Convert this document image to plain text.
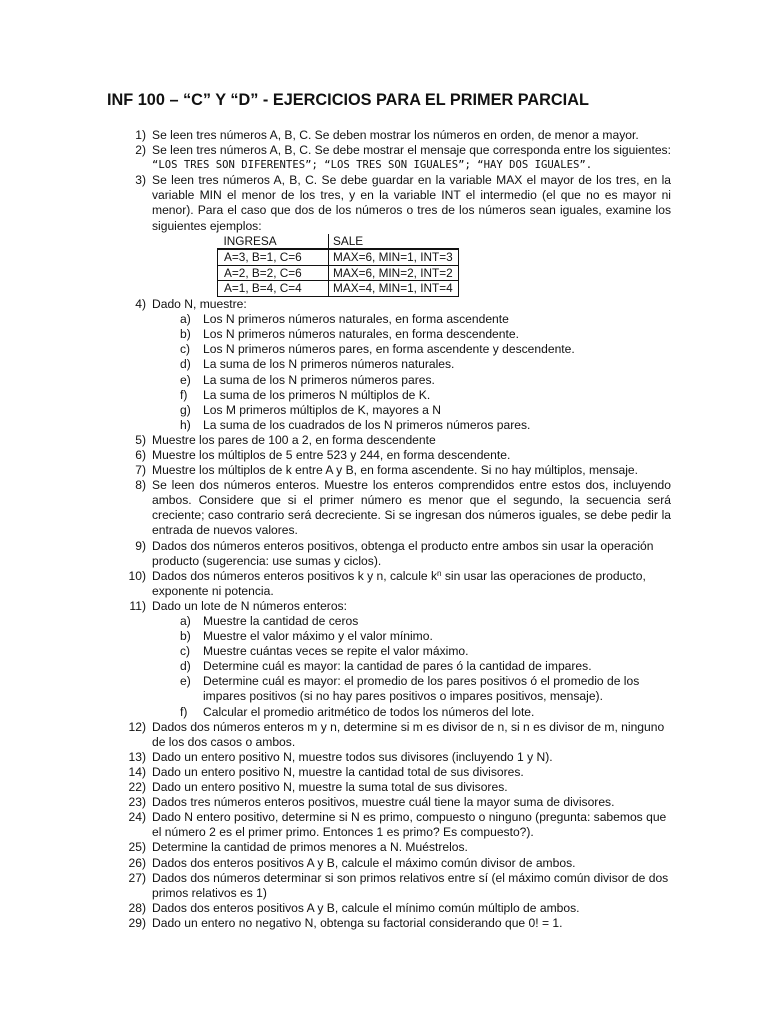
INF 100 – “C” Y “D” - EJERCICIOS PARA EL PRIMER PARCIAL
1) Se leen tres números A, B, C. Se deben mostrar los números en orden, de menor a mayor.
2) Se leen tres números A, B, C. Se debe mostrar el mensaje que corresponda entre los siguientes:
“LOS TRES SON DIFERENTES”; “LOS TRES SON IGUALES”; “HAY DOS IGUALES”.
3) Se leen tres números A, B, C. Se debe guardar en la variable MAX el mayor de los tres, en la variable MIN el menor de los tres, y en la variable INT el intermedio (el que no es mayor ni menor). Para el caso que dos de los números o tres de los números sean iguales, examine los siguientes ejemplos:
INGRESA	SALE
A=3, B=1, C=6	MAX=6, MIN=1, INT=3
A=2, B=2, C=6	MAX=6, MIN=2, INT=2
A=1, B=4, C=4	MAX=4, MIN=1, INT=4
4) Dado N, muestre:
a)	Los N primeros números naturales, en forma ascendente
b)	Los N primeros números naturales, en forma descendente.
c)	Los N primeros números pares, en forma ascendente y descendente.
d)	La suma de los N primeros números naturales.
e)	La suma de los N primeros números pares.
f)	La suma de los primeros N múltiplos de K.
g)	Los M primeros múltiplos de K, mayores a N
h)	La suma de los cuadrados de los N primeros números pares.
5) Muestre los pares de 100 a 2, en forma descendente
6) Muestre los múltiplos de 5 entre 523 y 244, en forma descendente.
7) Muestre los múltiplos de k entre A y B, en forma ascendente. Si no hay múltiplos, mensaje.
8) Se leen dos números enteros. Muestre los enteros comprendidos entre estos dos, incluyendo ambos. Considere que si el primer número es menor que el segundo, la secuencia será creciente; caso contrario será decreciente. Si se ingresan dos números iguales, se debe pedir la entrada de nuevos valores.
9) Dados dos números enteros positivos, obtenga el producto entre ambos sin usar la operación producto (sugerencia: use sumas y ciclos).
10) Dados dos números enteros positivos k y n, calcule $k^n$ sin usar las operaciones de producto, exponente ni potencia.
11) Dado un lote de N números enteros:
a)	Muestre la cantidad de ceros
b)	Muestre el valor máximo y el valor mínimo.
c)	Muestre cuántas veces se repite el valor máximo.
d)	Determine cuál es mayor: la cantidad de pares ó la cantidad de impares.
e)	Determine cuál es mayor: el promedio de los pares positivos ó el promedio de los impares positivos (si no hay pares positivos o impares positivos, mensaje).
f)	Calcular el promedio aritmético de todos los números del lote.
12) Dados dos números enteros m y n, determine si m es divisor de n, si n es divisor de m, ninguno de los dos casos o ambos.
13) Dado un entero positivo N, muestre todos sus divisores (incluyendo 1 y N).
14) Dado un entero positivo N, muestre la cantidad total de sus divisores.
22) Dado un entero positivo N, muestre la suma total de sus divisores.
23) Dados tres números enteros positivos, muestre cuál tiene la mayor suma de divisores.
24) Dado N entero positivo, determine si N es primo, compuesto o ninguno (pregunta: sabemos que el número 2 es el primer primo. Entonces 1 es primo? Es compuesto?).
25) Determine la cantidad de primos menores a N. Muéstrelos.
26) Dados dos enteros positivos A y B, calcule el máximo común divisor de ambos.
27) Dados dos números determinar si son primos relativos entre sí (el máximo común divisor de dos primos relativos es 1)
28) Dados dos enteros positivos A y B, calcule el mínimo común múltiplo de ambos.
29) Dado un entero no negativo N, obtenga su factorial considerando que 0! = 1.
